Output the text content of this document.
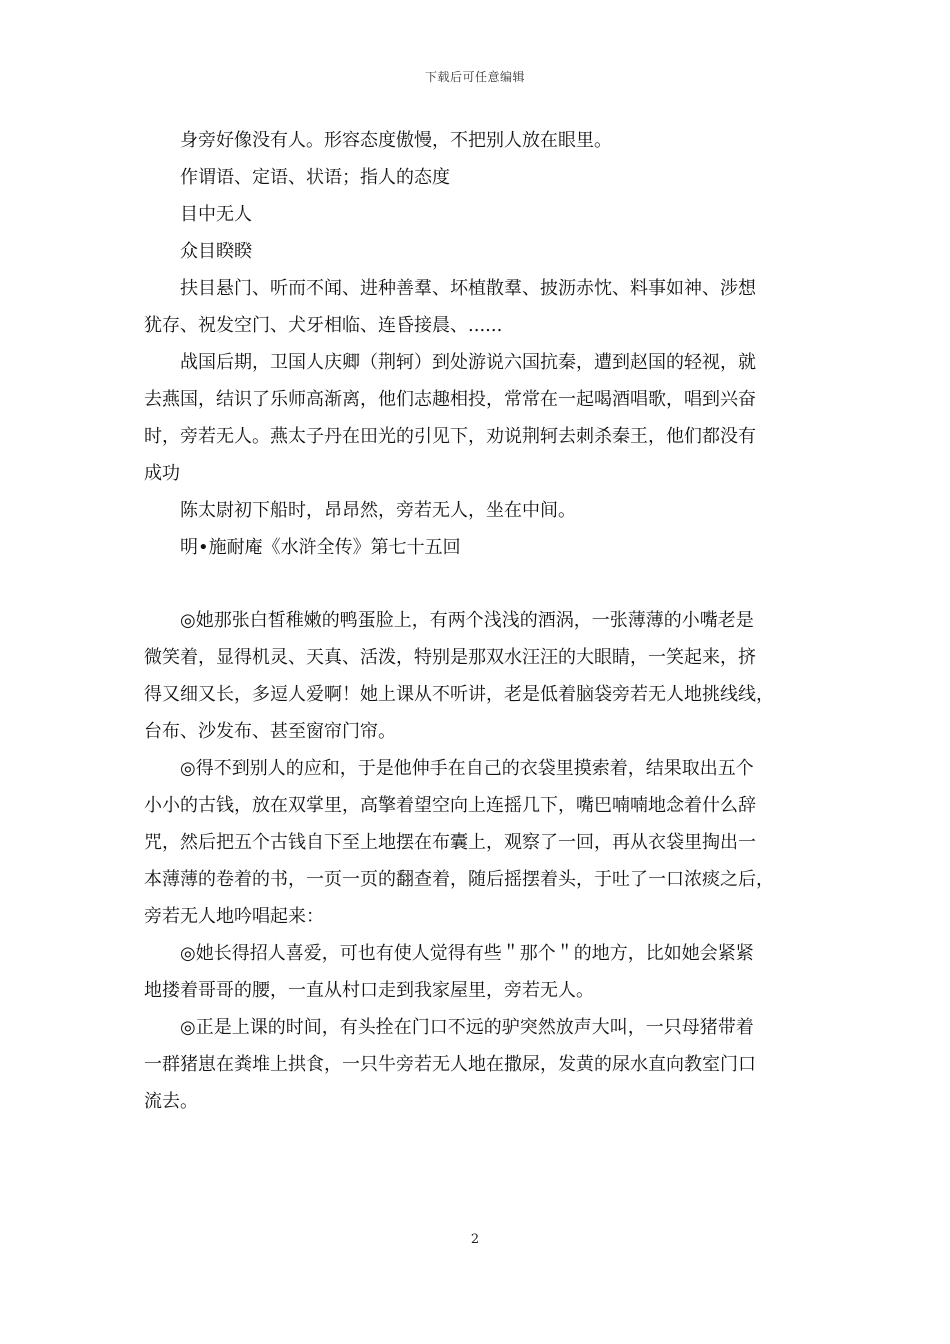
下载后可任意编辑
身旁好像没有人。形容态度傲慢，不把别人放在眼里。
作谓语、定语、状语；指人的态度
目中无人
众目睽睽
扶目悬门、听而不闻、进种善羣、坏植散羣、披沥赤忱、料事如神、涉想
犹存、祝发空门、犬牙相临、连昏接晨、......
战国后期，卫国人庆卿（荆轲）到处游说六国抗秦，遭到赵国的轻视，就
去燕国，结识了乐师高渐离，他们志趣相投，常常在一起喝酒唱歌，唱到兴奋
时，旁若无人。燕太子丹在田光的引见下，劝说荆轲去刺杀秦王，他们都没有
成功
陈太尉初下船时，昂昂然，旁若无人，坐在中间。
明•施耐庵《水浒全传》第七十五回
◎她那张白皙稚嫩的鸭蛋脸上，有两个浅浅的酒涡，一张薄薄的小嘴老是
微笑着，显得机灵、天真、活泼，特别是那双水汪汪的大眼睛，一笑起来，挤
得又细又长，多逗人爱啊！她上课从不听讲，老是低着脑袋旁若无人地挑线线，
台布、沙发布、甚至窗帘门帘。
◎得不到别人的应和，于是他伸手在自己的衣袋里摸索着，结果取出五个
小小的古钱，放在双掌里，高擎着望空向上连摇几下，嘴巴喃喃地念着什么辞
咒，然后把五个古钱自下至上地摆在布囊上，观察了一回，再从衣袋里掏出一
本薄薄的卷着的书，一页一页的翻查着，随后摇摆着头，于吐了一口浓痰之后，
旁若无人地吟唱起来：
◎她长得招人喜爱，可也有使人觉得有些＂那个＂的地方，比如她会紧紧
地搂着哥哥的腰，一直从村口走到我家屋里，旁若无人。
◎正是上课的时间，有头拴在门口不远的驴突然放声大叫，一只母猪带着
一群猪崽在粪堆上拱食，一只牛旁若无人地在撒尿，发黄的尿水直向教室门口
流去。
2
